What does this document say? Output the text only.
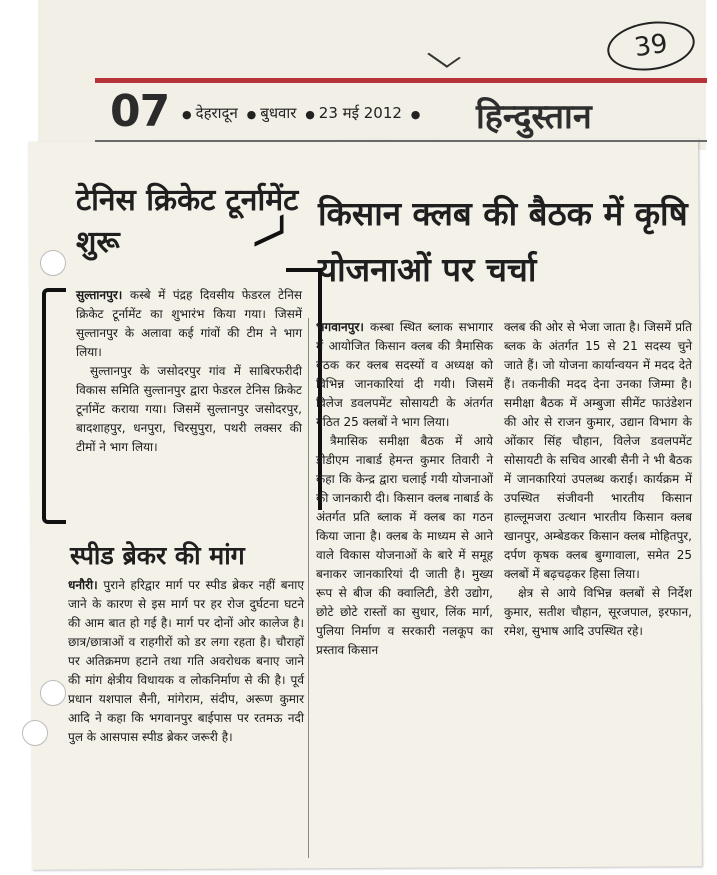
39
07	● देहरादून ● बुधवार ● 23 मई 2012 ● हिन्दुस्तान
टेनिस क्रिकेट टूर्नामेंट शुरू
किसान क्लब की बैठक में कृषि योजनाओं पर चर्चा

सुल्तानपुर। कस्बे में पंद्रह दिवसीय फेडरल टेनिस क्रिकेट टूर्नामेंट का शुभारंभ किया गया। जिसमें सुल्तानपुर के अलावा कई गांवों की टीम ने भाग लिया।

सुल्तानपुर के जसोदरपुर गांव में साबिरफरीदी विकास समिति सुल्तानपुर द्वारा फेडरल टेनिस क्रिकेट टूर्नामेंट कराया गया। जिसमें सुल्तानपुर जसोदरपुर, बादशाहपुर, धनपुरा, चिरसुपुरा, पथरी लक्सर की टीमों ने भाग लिया।

स्पीड ब्रेकर की मांग

धनौरी। पुराने हरिद्वार मार्ग पर स्पीड ब्रेकर नहीं बनाए जाने के कारण से इस मार्ग पर हर रोज दुर्घटना घटने की आम बात हो गई है। मार्ग पर दोनों ओर कालेज है। छात्र/छात्राओं व राहगीरों को डर लगा रहता है। चौराहों पर अतिक्रमण हटाने तथा गति अवरोधक बनाए जाने की मांग क्षेत्रीय विधायक व लोकनिर्माण से की है। पूर्व प्रधान यशपाल सैनी, मांगेराम, संदीप, अरूण कुमार आदि ने कहा कि भगवानपुर बाईपास पर रतमऊ नदी पुल के आसपास स्पीड ब्रेकर जरूरी है।

भगवानपुर। कस्बा स्थित ब्लाक सभागार में आयोजित किसान क्लब की त्रैमासिक बैठक कर क्लब सदस्यों व अध्यक्ष को विभिन्न जानकारियां दी गयी। जिसमें विलेज डवलपमेंट सोसायटी के अंतर्गत गठित 25 क्लबों ने भाग लिया।

त्रैमासिक समीक्षा बैठक में आये डीडीएम नाबार्ड हेमन्त कुमार तिवारी ने कहा कि केन्द्र द्वारा चलाई गयी योजनाओं की जानकारी दी। किसान क्लब नाबार्ड के अंतर्गत प्रति ब्लाक में क्लब का गठन किया जाना है। क्लब के माध्यम से आने वाले विकास योजनाओं के बारे में समूह बनाकर जानकारियां दी जाती है। मुख्य रूप से बीज की क्वालिटी, डेरी उद्योग, छोटे छोटे रास्तों का सुधार, लिंक मार्ग, पुलिया निर्माण व सरकारी नलकूप का प्रस्ताव किसान

क्लब की ओर से भेजा जाता है। जिसमें प्रति ब्लक के अंतर्गत 15 से 21 सदस्य चुने जाते हैं। जो योजना कार्यान्वयन में मदद देते हैं। तकनीकी मदद देना उनका जिम्मा है। समीक्षा बैठक में अम्बुजा सीमेंट फाउंडेशन की ओर से राजन कुमार, उद्यान विभाग के ओंकार सिंह चौहान, विलेज डवलपमेंट सोसायटी के सचिव आरबी सैनी ने भी बैठक में जानकारियां उपलब्ध कराई। कार्यक्रम में उपस्थित संजीवनी भारतीय किसान हाल्लूमजरा उत्थान भारतीय किसान क्लब खानपुर, अम्बेडकर किसान क्लब मोहितपुर, दर्पण कृषक क्लब बुग्गावाला, समेत 25 क्लबों में बढ़चढ़कर हिसा लिया।

क्षेत्र से आये विभिन्न क्लबों से निर्देश कुमार, सतीश चौहान, सूरजपाल, इरफान, रमेश, सुभाष आदि उपस्थित रहे।
